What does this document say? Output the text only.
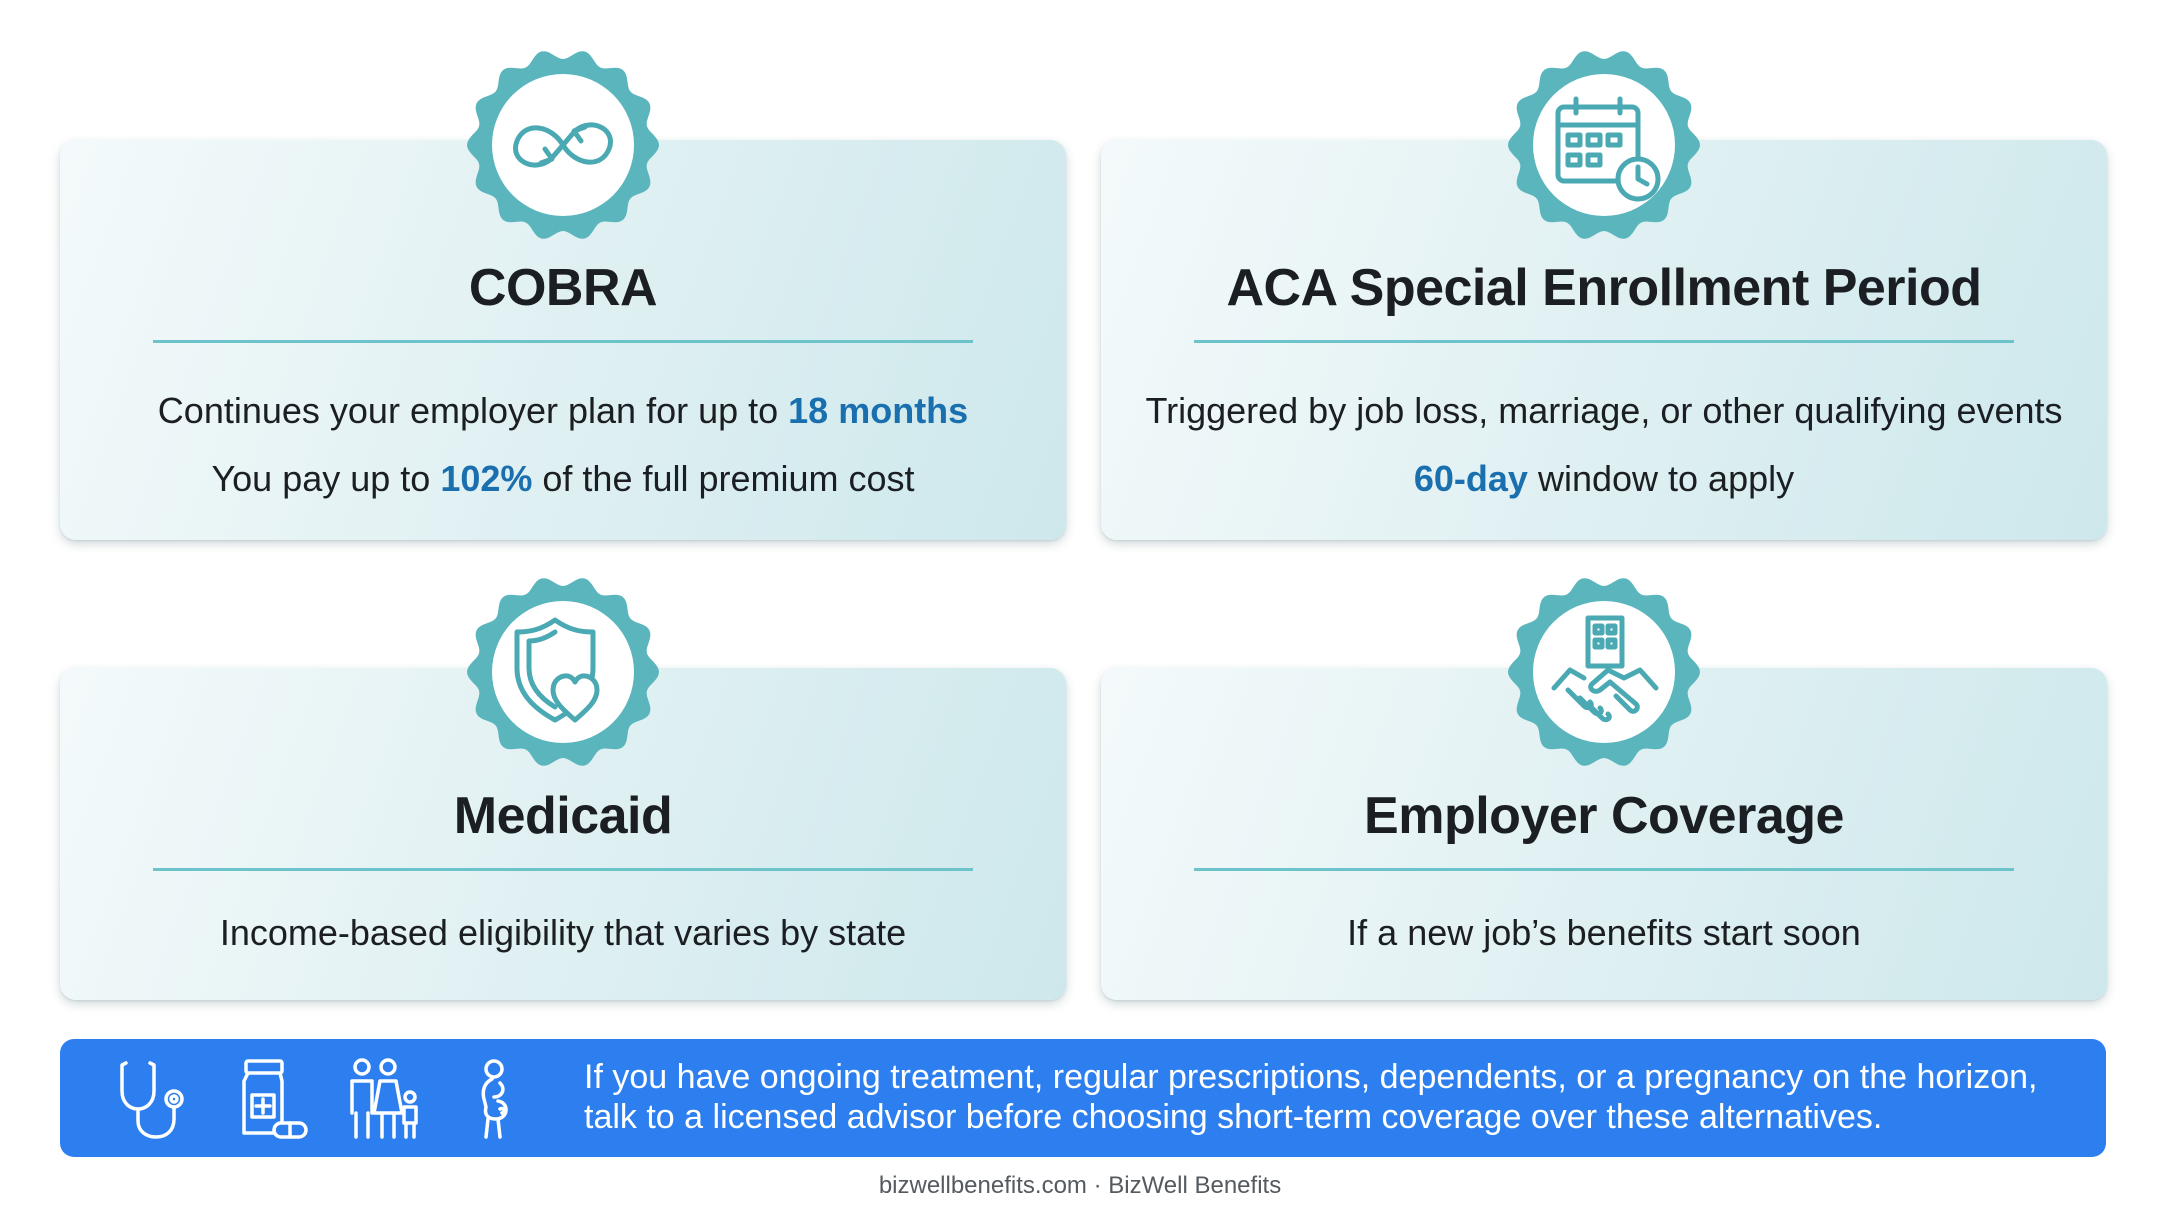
COBRA
Continues your employer plan for up to 18 months
You pay up to 102% of the full premium cost
ACA Special Enrollment Period
Triggered by job loss, marriage, or other qualifying events
60-day window to apply
Medicaid
Income-based eligibility that varies by state
Employer Coverage
If a new job’s benefits start soon
If you have ongoing treatment, regular prescriptions, dependents, or a pregnancy on the horizon,
talk to a licensed advisor before choosing short-term coverage over these alternatives.
bizwellbenefits.com · BizWell Benefits
